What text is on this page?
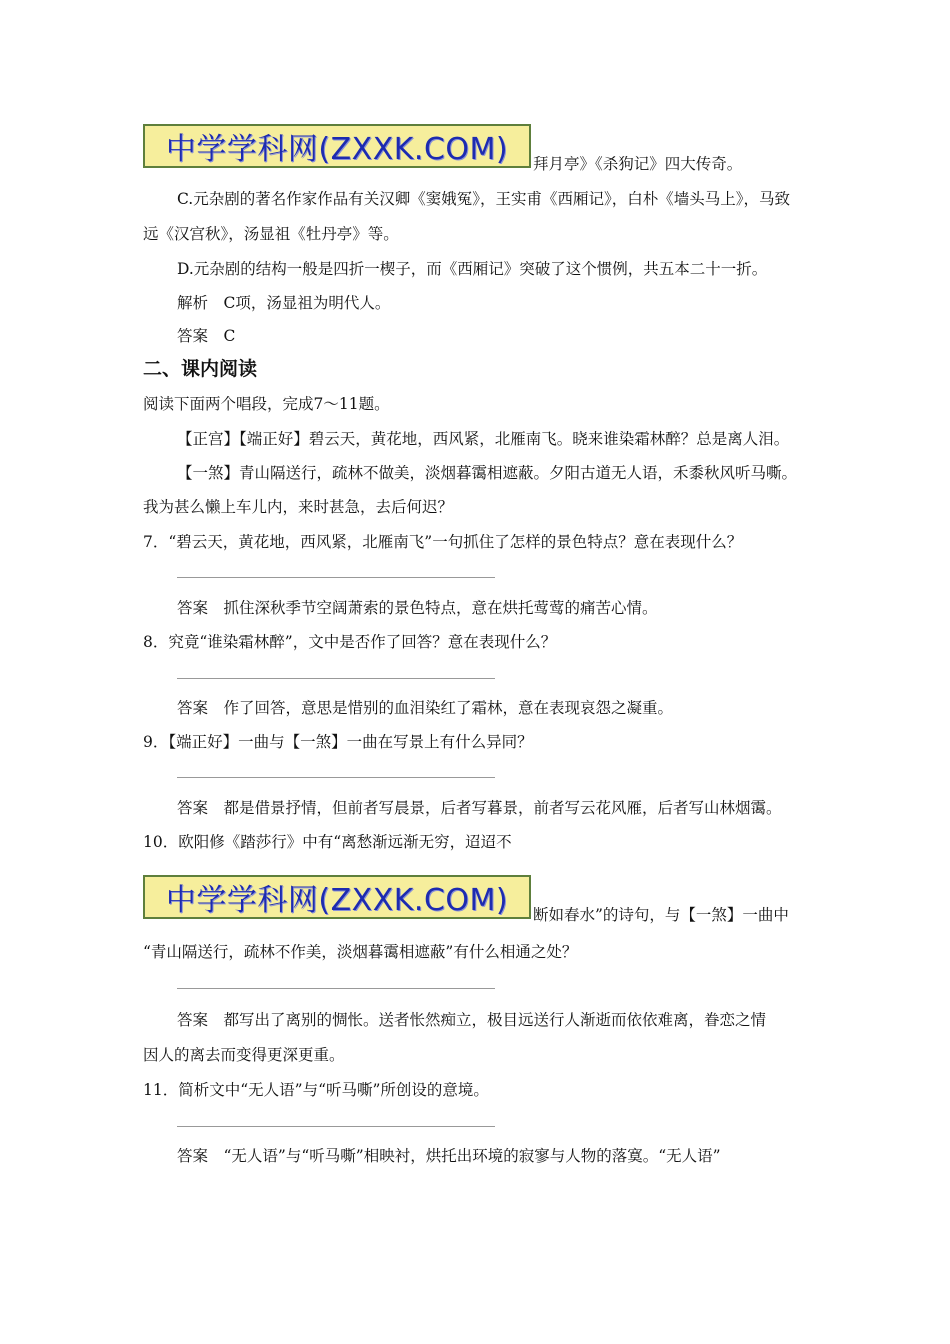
中学学科网(ZXXK.COM) 拜月亭》《杀狗记》四大传奇。
C.元杂剧的著名作家作品有关汉卿《窦娥冤》，王实甫《西厢记》，白朴《墙头马上》，马致
远《汉宫秋》，汤显祖《牡丹亭》等。
D.元杂剧的结构一般是四折一楔子，而《西厢记》突破了这个惯例，共五本二十一折。
解析　C项，汤显祖为明代人。
答案　C
二、课内阅读
阅读下面两个唱段，完成7～11题。
【正宫】【端正好】碧云天，黄花地，西风紧，北雁南飞。晓来谁染霜林醉？总是离人泪。
【一煞】青山隔送行，疏林不做美，淡烟暮霭相遮蔽。夕阳古道无人语，禾黍秋风听马嘶。
我为甚么懒上车儿内，来时甚急，去后何迟？
7．“碧云天，黄花地，西风紧，北雁南飞”一句抓住了怎样的景色特点？意在表现什么？
答案　抓住深秋季节空阔萧索的景色特点，意在烘托莺莺的痛苦心情。
8．究竟“谁染霜林醉”，文中是否作了回答？意在表现什么？
答案　作了回答，意思是惜别的血泪染红了霜林，意在表现哀怨之凝重。
9．【端正好】一曲与【一煞】一曲在写景上有什么异同？
答案　都是借景抒情，但前者写晨景，后者写暮景，前者写云花风雁，后者写山林烟霭。
10．欧阳修《踏莎行》中有“离愁渐远渐无穷，迢迢不
中学学科网(ZXXK.COM) 断如春水”的诗句，与【一煞】一曲中
“青山隔送行，疏林不作美，淡烟暮霭相遮蔽”有什么相通之处？
答案　都写出了离别的惆怅。送者怅然痴立，极目远送行人渐逝而依依难离，眷恋之情
因人的离去而变得更深更重。
11．简析文中“无人语”与“听马嘶”所创设的意境。
答案　“无人语”与“听马嘶”相映衬，烘托出环境的寂寥与人物的落寞。“无人语”
